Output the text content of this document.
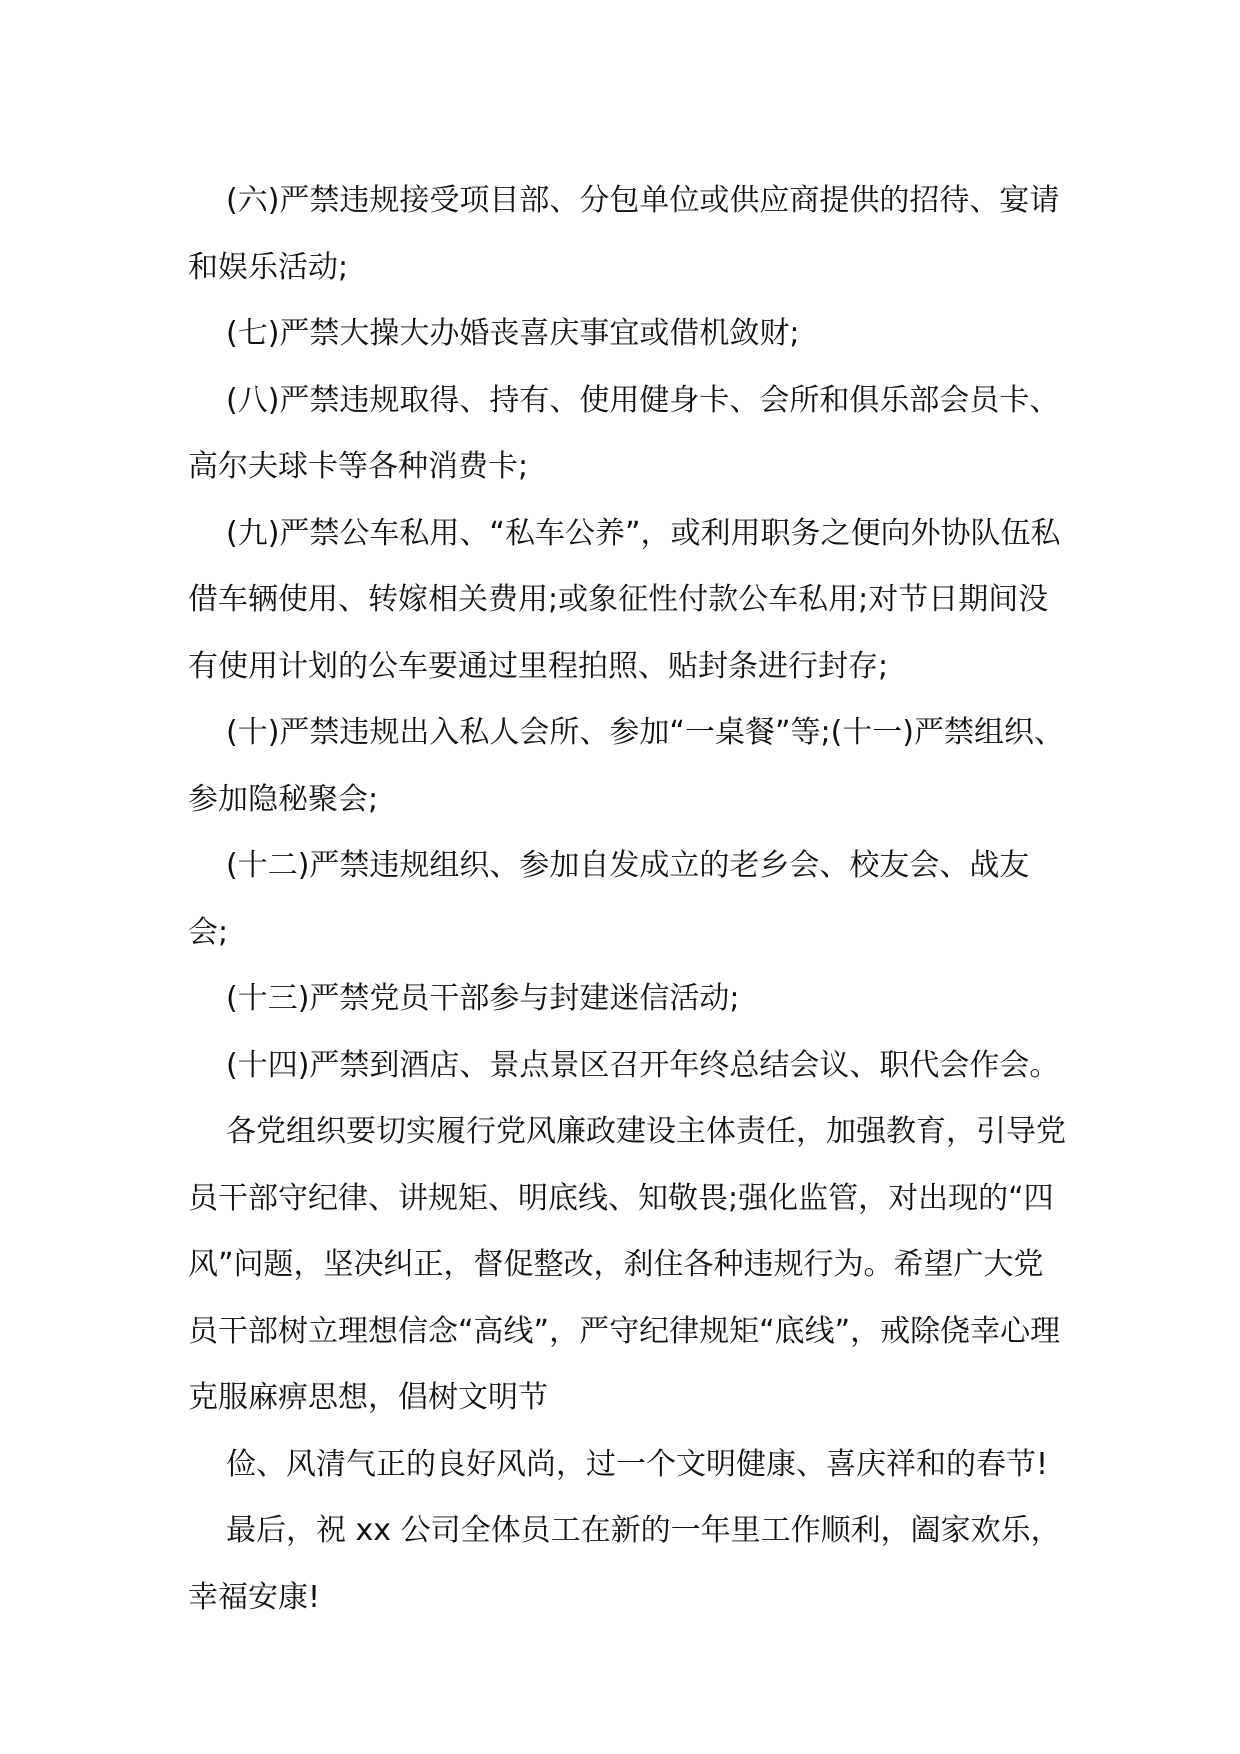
(六)严禁违规接受项目部、分包单位或供应商提供的招待、宴请和娱乐活动;

(七)严禁大操大办婚丧喜庆事宜或借机敛财;

(八)严禁违规取得、持有、使用健身卡、会所和俱乐部会员卡、高尔夫球卡等各种消费卡;

(九)严禁公车私用、“私车公养”，或利用职务之便向外协队伍私借车辆使用、转嫁相关费用;或象征性付款公车私用;对节日期间没有使用计划的公车要通过里程拍照、贴封条进行封存;

(十)严禁违规出入私人会所、参加“一桌餐”等;(十一)严禁组织、参加隐秘聚会;

(十二)严禁违规组织、参加自发成立的老乡会、校友会、战友会;

(十三)严禁党员干部参与封建迷信活动;

(十四)严禁到酒店、景点景区召开年终总结会议、职代会作会。

各党组织要切实履行党风廉政建设主体责任，加强教育，引导党员干部守纪律、讲规矩、明底线、知敬畏;强化监管，对出现的“四风”问题，坚决纠正，督促整改，刹住各种违规行为。希望广大党员干部树立理想信念“高线”，严守纪律规矩“底线”，戒除侥幸心理克服麻痹思想，倡树文明节

俭、风清气正的良好风尚，过一个文明健康、喜庆祥和的春节!

最后，祝 xx 公司全体员工在新的一年里工作顺利，阖家欢乐，幸福安康!
